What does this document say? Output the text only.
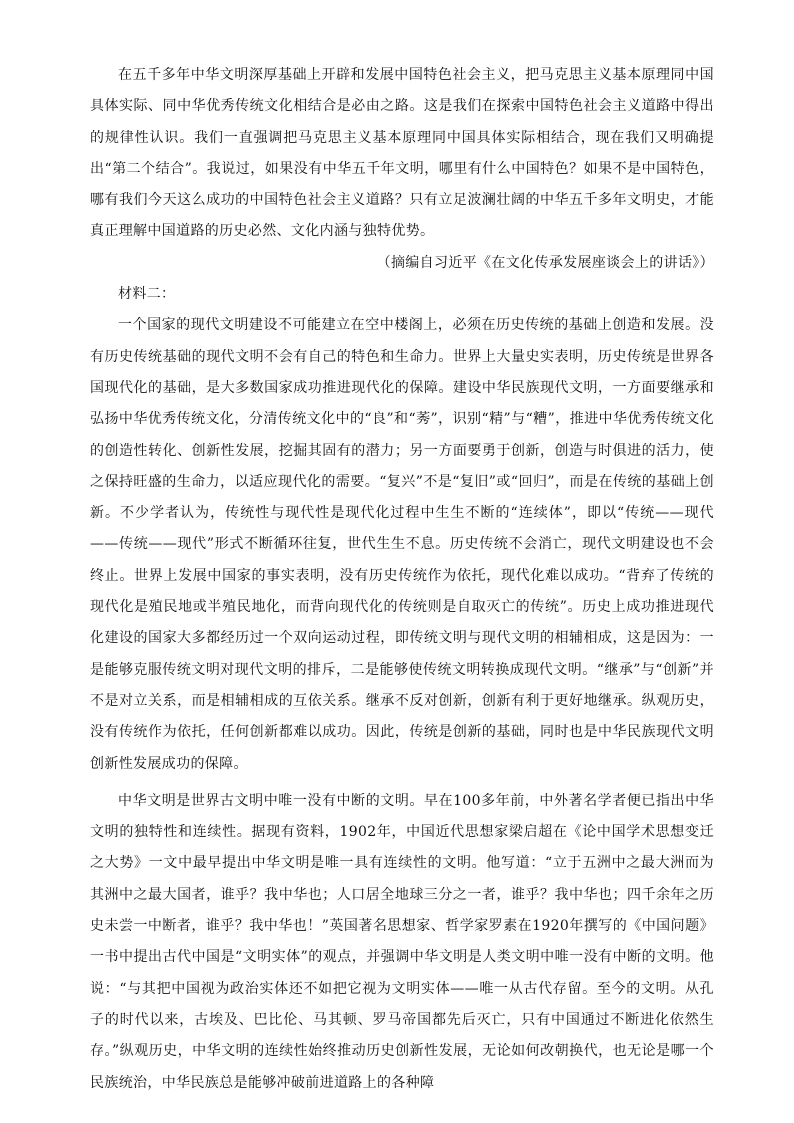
在五千多年中华文明深厚基础上开辟和发展中国特色社会主义，把马克思主义基本原理同中国具体实际、同中华优秀传统文化相结合是必由之路。这是我们在探索中国特色社会主义道路中得出的规律性认识。我们一直强调把马克思主义基本原理同中国具体实际相结合，现在我们又明确提出“第二个结合”。我说过，如果没有中华五千年文明，哪里有什么中国特色？如果不是中国特色，哪有我们今天这么成功的中国特色社会主义道路？只有立足波澜壮阔的中华五千多年文明史，才能真正理解中国道路的历史必然、文化内涵与独特优势。

（摘编自习近平《在文化传承发展座谈会上的讲话》）

材料二：

一个国家的现代文明建设不可能建立在空中楼阁上，必须在历史传统的基础上创造和发展。没有历史传统基础的现代文明不会有自己的特色和生命力。世界上大量史实表明，历史传统是世界各国现代化的基础，是大多数国家成功推进现代化的保障。建设中华民族现代文明，一方面要继承和弘扬中华优秀传统文化，分清传统文化中的“良”和“莠”，识别“精”与“糟”，推进中华优秀传统文化的创造性转化、创新性发展，挖掘其固有的潜力；另一方面要勇于创新，创造与时俱进的活力，使之保持旺盛的生命力，以适应现代化的需要。“复兴”不是“复旧”或“回归”，而是在传统的基础上创新。不少学者认为，传统性与现代性是现代化过程中生生不断的“连续体”，即以“传统——现代——传统——现代”形式不断循环往复，世代生生不息。历史传统不会消亡，现代文明建设也不会终止。世界上发展中国家的事实表明，没有历史传统作为依托，现代化难以成功。“背弃了传统的现代化是殖民地或半殖民地化，而背向现代化的传统则是自取灭亡的传统”。历史上成功推进现代化建设的国家大多都经历过一个双向运动过程，即传统文明与现代文明的相辅相成，这是因为：一是能够克服传统文明对现代文明的排斥，二是能够使传统文明转换成现代文明。“继承”与“创新”并不是对立关系，而是相辅相成的互依关系。继承不反对创新，创新有利于更好地继承。纵观历史，没有传统作为依托，任何创新都难以成功。因此，传统是创新的基础，同时也是中华民族现代文明创新性发展成功的保障。

中华文明是世界古文明中唯一没有中断的文明。早在100多年前，中外著名学者便已指出中华文明的独特性和连续性。据现有资料，1902年，中国近代思想家梁启超在《论中国学术思想变迁之大势》一文中最早提出中华文明是唯一具有连续性的文明。他写道：“立于五洲中之最大洲而为其洲中之最大国者，谁乎？我中华也；人口居全地球三分之一者，谁乎？我中华也；四千余年之历史未尝一中断者，谁乎？我中华也！”英国著名思想家、哲学家罗素在1920年撰写的《中国问题》一书中提出古代中国是“文明实体”的观点，并强调中华文明是人类文明中唯一没有中断的文明。他说：“与其把中国视为政治实体还不如把它视为文明实体——唯一从古代存留。至今的文明。从孔子的时代以来，古埃及、巴比伦、马其顿、罗马帝国都先后灭亡，只有中国通过不断进化依然生存。”纵观历史，中华文明的连续性始终推动历史创新性发展，无论如何改朝换代，也无论是哪一个民族统治，中华民族总是能够冲破前进道路上的各种障
